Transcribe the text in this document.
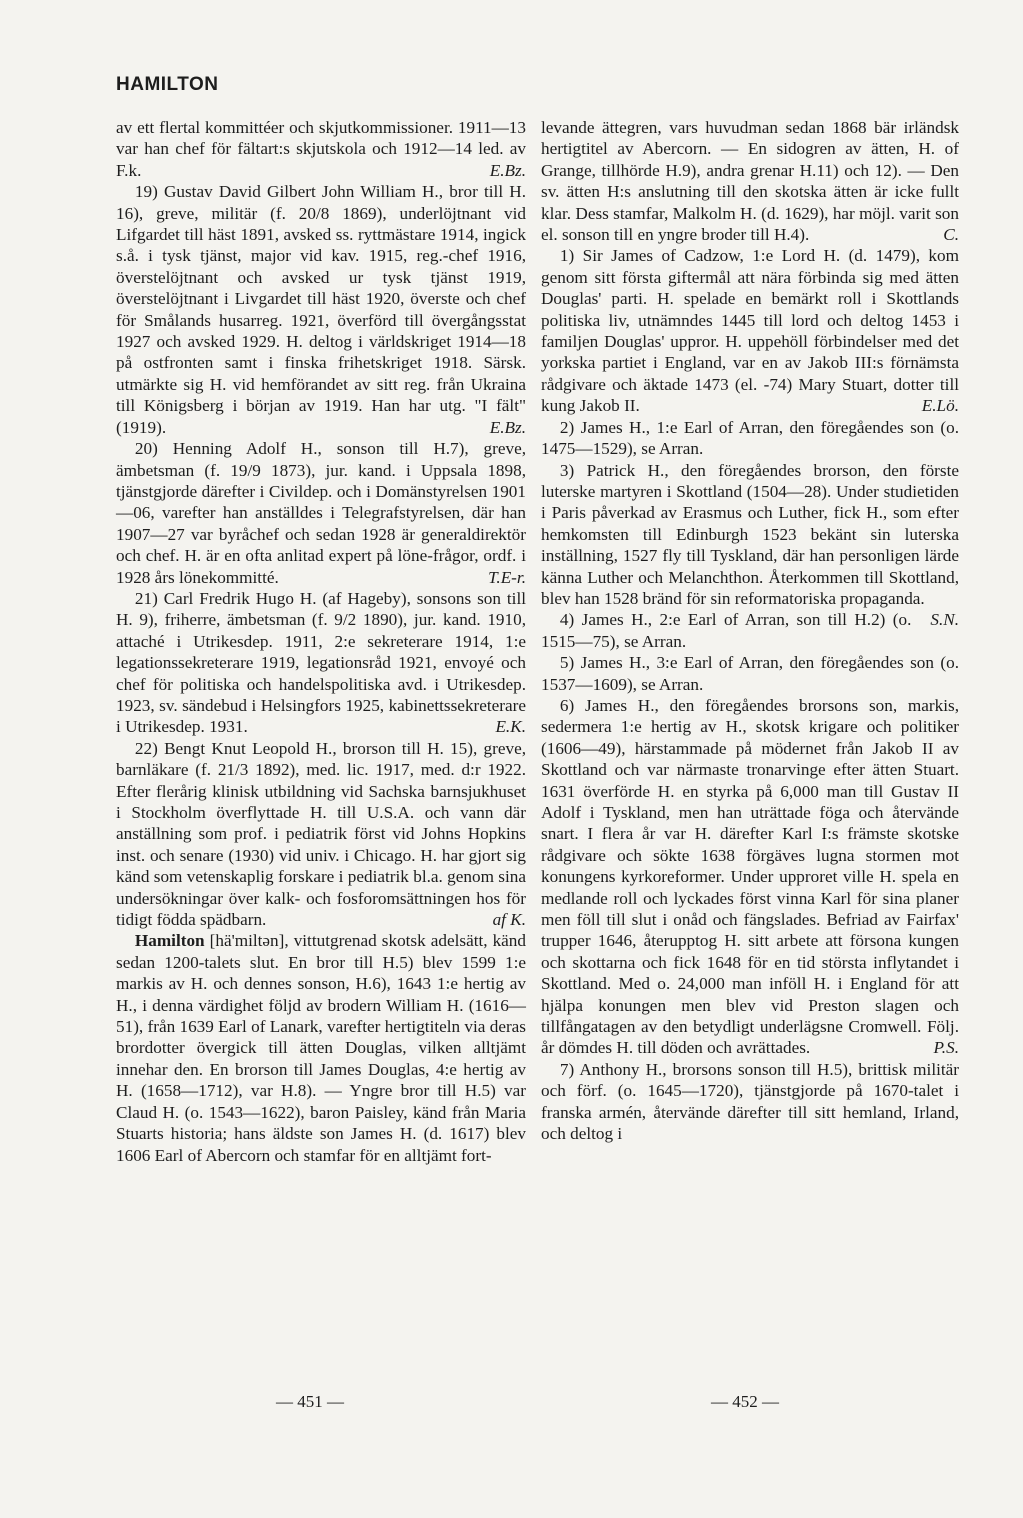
HAMILTON

av ett flertal kommittéer och skjutkommissioner. 1911—13 var han chef för fältart:s skjutskola och 1912—14 led. av F.k.	E.Bz.

19) Gustav David Gilbert John William H., bror till H. 16), greve, militär (f. 20/8 1869), underlöjtnant vid Lifgardet till häst 1891, avsked ss. ryttmästare 1914, ingick s.å. i tysk tjänst, major vid kav. 1915, reg.-chef 1916, överstelöjtnant och avsked ur tysk tjänst 1919, överstelöjtnant i Livgardet till häst 1920, överste och chef för Smålands husarreg. 1921, överförd till övergångsstat 1927 och avsked 1929. H. deltog i världskriget 1914—18 på ostfronten samt i finska frihetskriget 1918. Särsk. utmärkte sig H. vid hemförandet av sitt reg. från Ukraina till Königsberg i början av 1919. Han har utg. "I fält" (1919).	E.Bz.

20) Henning Adolf H., sonson till H.7), greve, ämbetsman (f. 19/9 1873), jur. kand. i Uppsala 1898, tjänstgjorde därefter i Civildep. och i Domänstyrelsen 1901—06, varefter han anställdes i Telegrafstyrelsen, där han 1907—27 var byråchef och sedan 1928 är generaldirektör och chef. H. är en ofta anlitad expert på löne-frågor, ordf. i 1928 års lönekommitté.	T.E-r.

21) Carl Fredrik Hugo H. (af Hageby), sonsons son till H. 9), friherre, ämbetsman (f. 9/2 1890), jur. kand. 1910, attaché i Utrikesdep. 1911, 2:e sekreterare 1914, 1:e legationssekreterare 1919, legationsråd 1921, envoyé och chef för politiska och handelspolitiska avd. i Utrikesdep. 1923, sv. sändebud i Helsingfors 1925, kabinettssekreterare i Utrikesdep. 1931.	E.K.

22) Bengt Knut Leopold H., brorson till H. 15), greve, barnläkare (f. 21/3 1892), med. lic. 1917, med. d:r 1922. Efter flerårig klinisk utbildning vid Sachska barnsjukhuset i Stockholm överflyttade H. till U.S.A. och vann där anställning som prof. i pediatrik först vid Johns Hopkins inst. och senare (1930) vid univ. i Chicago. H. har gjort sig känd som vetenskaplig forskare i pediatrik bl.a. genom sina undersökningar över kalk- och fosforomsättningen hos för tidigt födda spädbarn.	af K.

Hamilton [hä'miltən], vittutgrenad skotsk adelsätt, känd sedan 1200-talets slut. En bror till H.5) blev 1599 1:e markis av H. och dennes sonson, H.6), 1643 1:e hertig av H., i denna värdighet följd av brodern William H. (1616—51), från 1639 Earl of Lanark, varefter hertigtiteln via deras brordotter övergick till ätten Douglas, vilken alltjämt innehar den. En brorson till James Douglas, 4:e hertig av H. (1658—1712), var H.8). — Yngre bror till H.5) var Claud H. (o. 1543—1622), baron Paisley, känd från Maria Stuarts historia; hans äldste son James H. (d. 1617) blev 1606 Earl of Abercorn och stamfar för en alltjämt fort-

levande ättegren, vars huvudman sedan 1868 bär irländsk hertigtitel av Abercorn. — En sidogren av ätten, H. of Grange, tillhörde H.9), andra grenar H.11) och 12). — Den sv. ätten H:s anslutning till den skotska ätten är icke fullt klar. Dess stamfar, Malkolm H. (d. 1629), har möjl. varit son el. sonson till en yngre broder till H.4).	C.

1) Sir James of Cadzow, 1:e Lord H. (d. 1479), kom genom sitt första giftermål att nära förbinda sig med ätten Douglas' parti. H. spelade en bemärkt roll i Skottlands politiska liv, utnämndes 1445 till lord och deltog 1453 i familjen Douglas' uppror. H. uppehöll förbindelser med det yorkska partiet i England, var en av Jakob III:s förnämsta rådgivare och äktade 1473 (el. -74) Mary Stuart, dotter till kung Jakob II.	E.Lö.

2) James H., 1:e Earl of Arran, den föregåendes son (o. 1475—1529), se Arran.

3) Patrick H., den föregåendes brorson, den förste luterske martyren i Skottland (1504—28). Under studietiden i Paris påverkad av Erasmus och Luther, fick H., som efter hemkomsten till Edinburgh 1523 bekänt sin luterska inställning, 1527 fly till Tyskland, där han personligen lärde känna Luther och Melanchthon. Återkommen till Skottland, blev han 1528 bränd för sin reformatoriska propaganda.
S.N.

4) James H., 2:e Earl of Arran, son till H.2) (o. 1515—75), se Arran.

5) James H., 3:e Earl of Arran, den föregåendes son (o. 1537—1609), se Arran.

6) James H., den föregåendes brorsons son, markis, sedermera 1:e hertig av H., skotsk krigare och politiker (1606—49), härstammade på mödernet från Jakob II av Skottland och var närmaste tronarvinge efter ätten Stuart. 1631 överförde H. en styrka på 6,000 man till Gustav II Adolf i Tyskland, men han uträttade föga och återvände snart. I flera år var H. därefter Karl I:s främste skotske rådgivare och sökte 1638 förgäves lugna stormen mot konungens kyrkoreformer. Under upproret ville H. spela en medlande roll och lyckades först vinna Karl för sina planer men föll till slut i onåd och fängslades. Befriad av Fairfax' trupper 1646, återupptog H. sitt arbete att försona kungen och skottarna och fick 1648 för en tid största inflytandet i Skottland. Med o. 24,000 man inföll H. i England för att hjälpa konungen men blev vid Preston slagen och tillfångatagen av den betydligt underlägsne Cromwell. Följ. år dömdes H. till döden och avrättades.	P.S.

7) Anthony H., brorsons sonson till H.5), brittisk militär och förf. (o. 1645—1720), tjänstgjorde på 1670-talet i franska armén, återvände därefter till sitt hemland, Irland, och deltog i

— 451 —	— 452 —
